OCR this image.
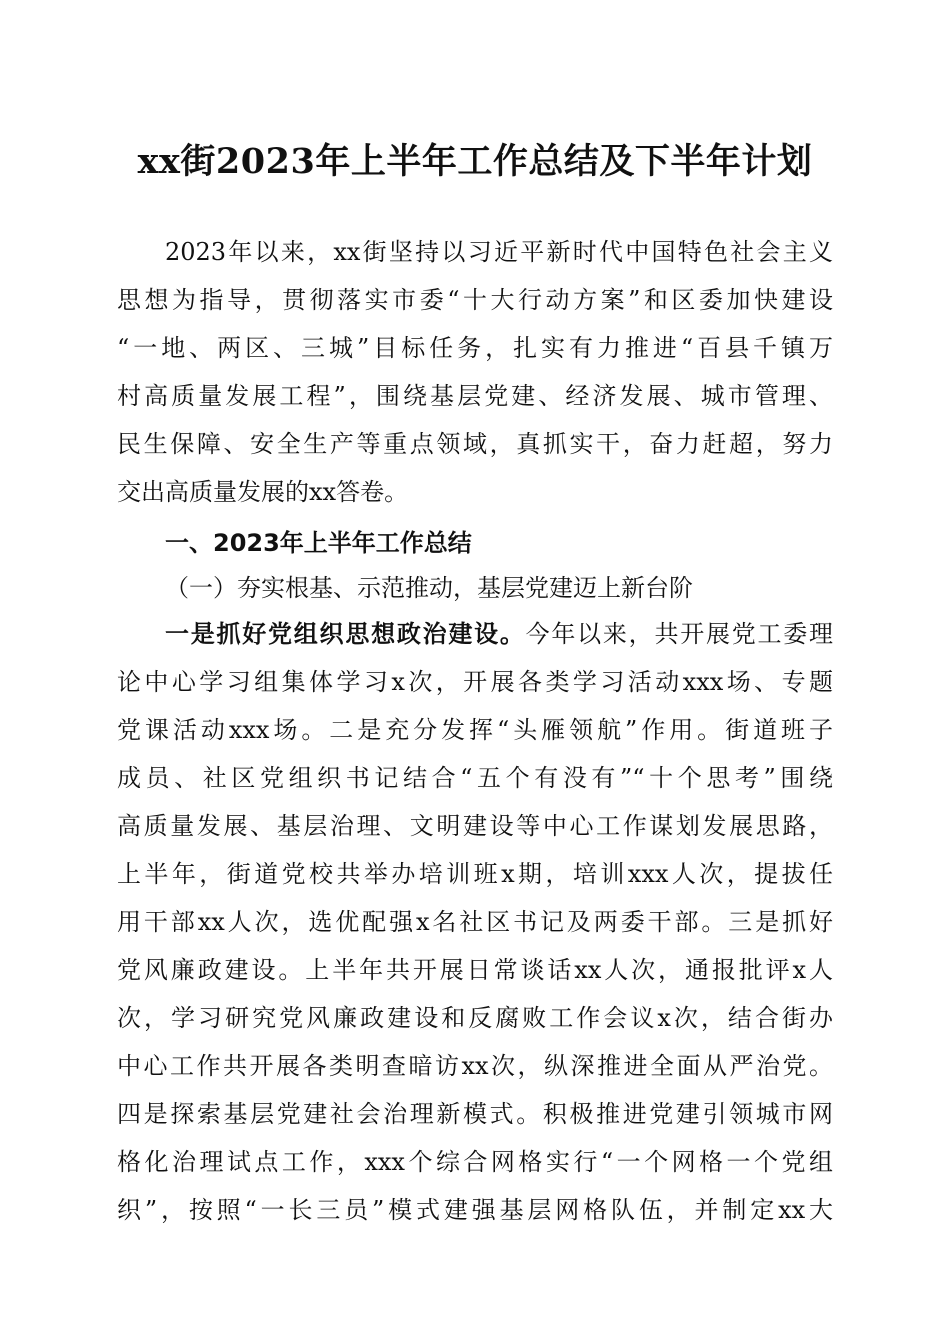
xx街2023年上半年工作总结及下半年计划
2023年以来，xx街坚持以习近平新时代中国特色社会主义
思想为指导，贯彻落实市委“十大行动方案”和区委加快建设
“一地、两区、三城”目标任务，扎实有力推进“百县千镇万
村高质量发展工程”，围绕基层党建、经济发展、城市管理、
民生保障、安全生产等重点领域，真抓实干，奋力赶超，努力
交出高质量发展的xx答卷。
一、2023年上半年工作总结
（一）夯实根基、示范推动，基层党建迈上新台阶
一是抓好党组织思想政治建设。今年以来，共开展党工委理
论中心学习组集体学习x次，开展各类学习活动xxx场、专题
党课活动xxx场。二是充分发挥“头雁领航”作用。街道班子
成员、社区党组织书记结合“五个有没有”“十个思考”围绕
高质量发展、基层治理、文明建设等中心工作谋划发展思路，
上半年，街道党校共举办培训班x期，培训xxx人次，提拔任
用干部xx人次，选优配强x名社区书记及两委干部。三是抓好
党风廉政建设。上半年共开展日常谈话xx人次，通报批评x人
次，学习研究党风廉政建设和反腐败工作会议x次，结合街办
中心工作共开展各类明查暗访xx次，纵深推进全面从严治党。
四是探索基层党建社会治理新模式。积极推进党建引领城市网
格化治理试点工作，xxx个综合网格实行“一个网格一个党组
织”，按照“一长三员”模式建强基层网格队伍，并制定xx大
